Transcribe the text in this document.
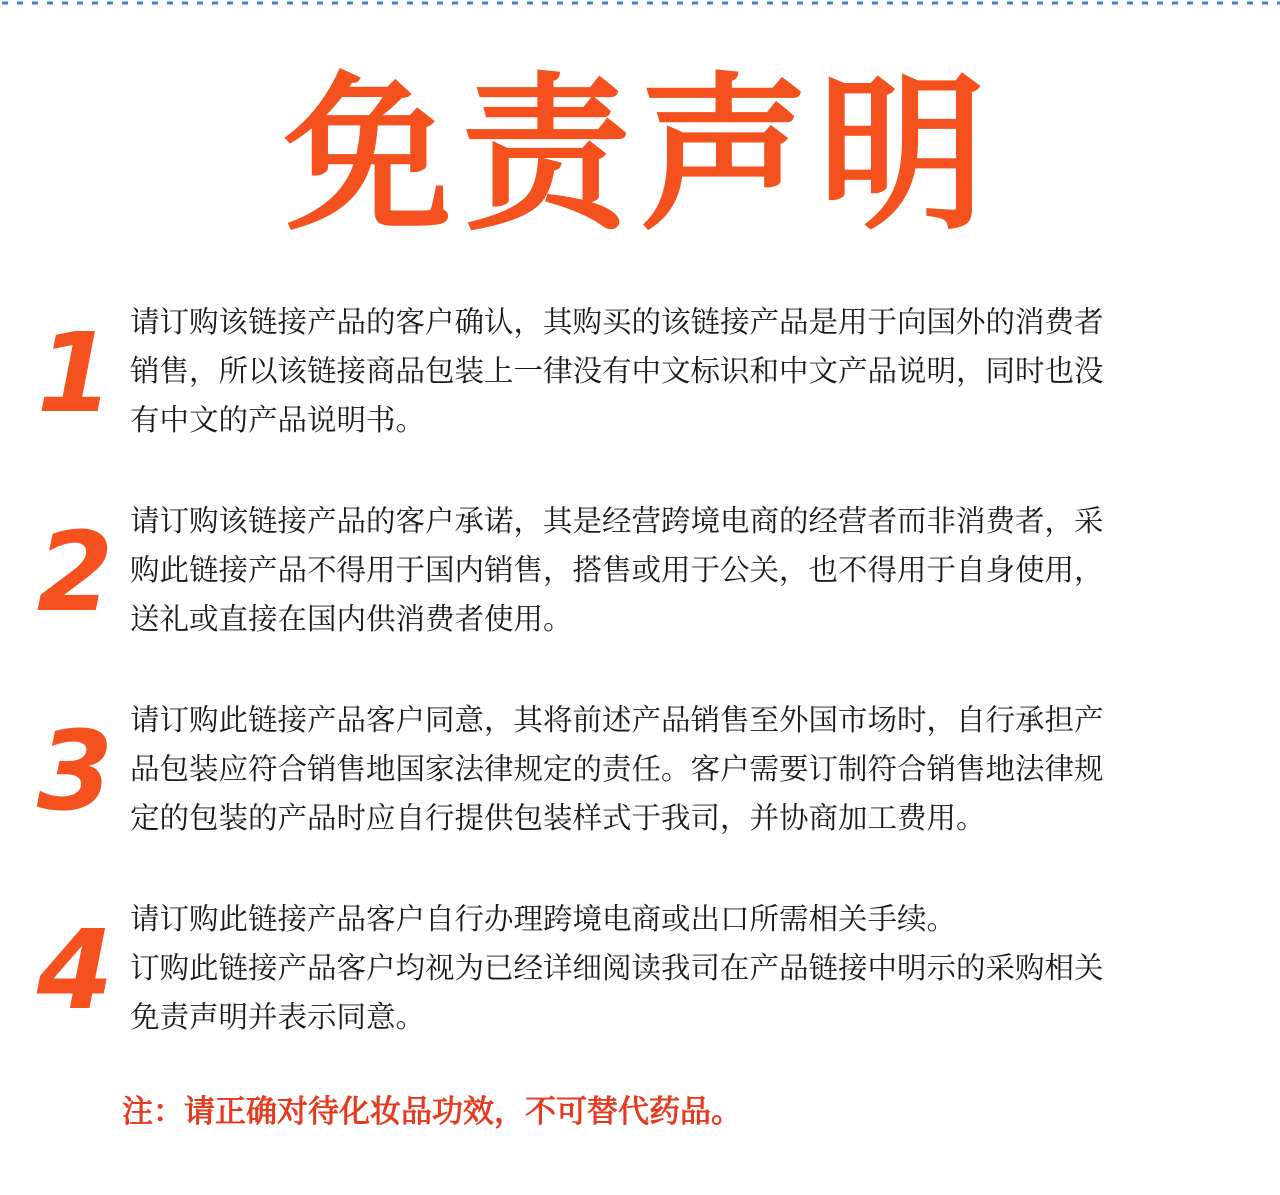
免责声明
1 请订购该链接产品的客户确认，其购买的该链接产品是用于向国外的消费者
销售，所以该链接商品包装上一律没有中文标识和中文产品说明，同时也没
有中文的产品说明书。
2 请订购该链接产品的客户承诺，其是经营跨境电商的经营者而非消费者，采
购此链接产品不得用于国内销售，搭售或用于公关，也不得用于自身使用，
送礼或直接在国内供消费者使用。
3 请订购此链接产品客户同意，其将前述产品销售至外国市场时，自行承担产
品包装应符合销售地国家法律规定的责任。客户需要订制符合销售地法律规
定的包装的产品时应自行提供包装样式于我司，并协商加工费用。
4 请订购此链接产品客户自行办理跨境电商或出口所需相关手续。
订购此链接产品客户均视为已经详细阅读我司在产品链接中明示的采购相关
免责声明并表示同意。
注：请正确对待化妆品功效，不可替代药品。
